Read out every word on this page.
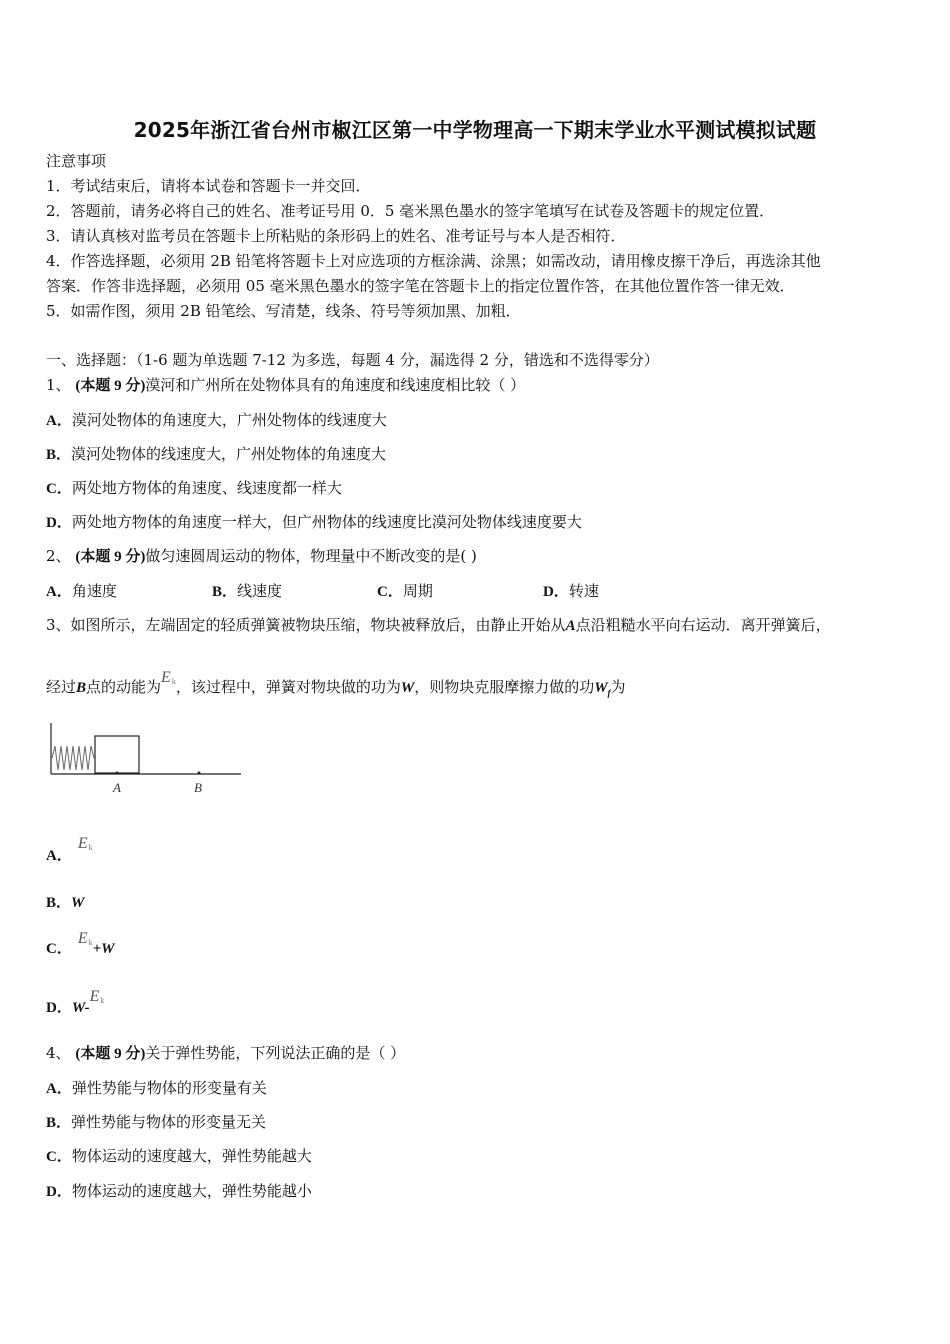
2025年浙江省台州市椒江区第一中学物理高一下期末学业水平测试模拟试题
注意事项
1．考试结束后，请将本试卷和答题卡一并交回．
2．答题前，请务必将自己的姓名、准考证号用 0．5 毫米黑色墨水的签字笔填写在试卷及答题卡的规定位置．
3．请认真核对监考员在答题卡上所粘贴的条形码上的姓名、准考证号与本人是否相符．
4．作答选择题，必须用 2B 铅笔将答题卡上对应选项的方框涂满、涂黑；如需改动，请用橡皮擦干净后，再选涂其他
答案．作答非选择题，必须用 05 毫米黑色墨水的签字笔在答题卡上的指定位置作答，在其他位置作答一律无效．
5．如需作图，须用 2B 铅笔绘、写清楚，线条、符号等须加黑、加粗．
一、选择题：（1-6 题为单选题 7-12 为多选，每题 4 分，漏选得 2 分，错选和不选得零分）
1、 (本题 9 分)漠河和广州所在处物体具有的角速度和线速度相比较（ ）
A．漠河处物体的角速度大，广州处物体的线速度大
B．漠河处物体的线速度大，广州处物体的角速度大
C．两处地方物体的角速度、线速度都一样大
D．两处地方物体的角速度一样大，但广州物体的线速度比漠河处物体线速度要大
2、 (本题 9 分)做匀速圆周运动的物体，物理量中不断改变的是( )
A．角速度	B．线速度	C．周期	D．转速
3、如图所示，左端固定的轻质弹簧被物块压缩，物块被释放后，由静止开始从A点沿粗糙水平向右运动．离开弹簧后，
经过B点的动能为$E_k$，该过程中，弹簧对物块做的功为W，则物块克服摩擦力做的功$W_f$为
A	B
A．$E_k$
B．W
C．$E_k+W$
D．$W-E_k$
4、 (本题 9 分)关于弹性势能，下列说法正确的是（ ）
A．弹性势能与物体的形变量有关
B．弹性势能与物体的形变量无关
C．物体运动的速度越大，弹性势能越大
D．物体运动的速度越大，弹性势能越小
